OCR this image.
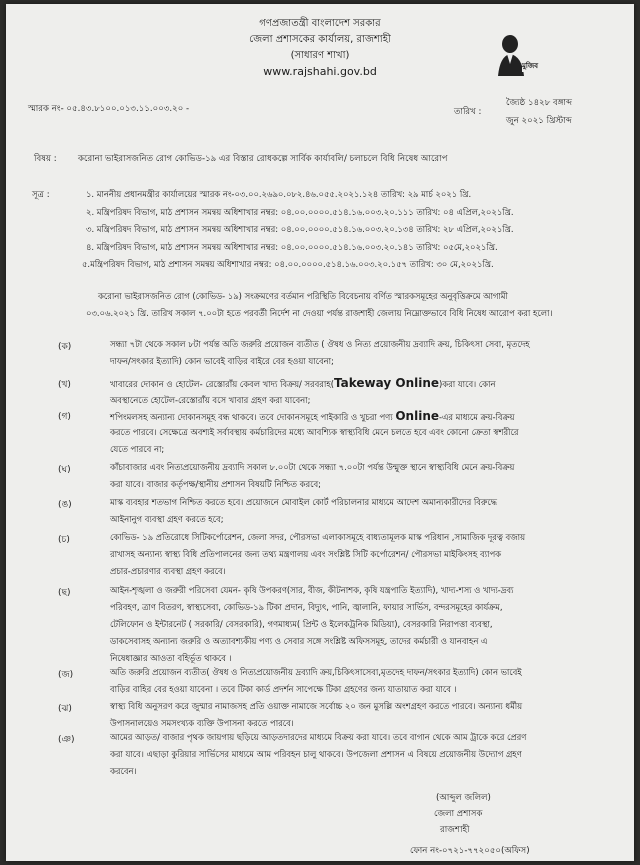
গণপ্রজাতন্ত্রী বাংলাদেশ সরকার
জেলা প্রশাসকের কার্যালয়, রাজশাহী
(সাধারণ শাখা)
www.rajshahi.gov.bd	মুজিব
স্মারক নং- ০৫.৪৩.৮১০০.০১৩.১১.০০৩.২০ -	তারিখ :
জ্যৈষ্ঠ ১৪২৮ বঙ্গাব্দ
জুন ২০২১ খ্রিস্টাব্দ
বিষয় : করোনা ভাইরাসজনিত রোগ কোভিড-১৯ এর বিস্তার রোধকল্পে সার্বিক কার্যাবলি/ চলাচলে বিধি নিষেধ আরোপ
সূত্র :	১. মাননীয় প্রধানমন্ত্রীর কার্যালয়ের স্মারক নং-০৩.০০.২৬৯০.০৮২.৪৬.০৫৫.২০২১.১২৪ তারিখ: ২৯ মার্চ ২০২১ খ্রি.
২. মন্ত্রিপরিষদ বিভাগ, মাঠ প্রশাসন সমন্বয় অধিশাখার নম্বর: ০৪.০০.০০০০.৫১৪.১৬.০০৩.২০.১১১ তারিখ: ০৪ এপ্রিল,২০২১খ্রি.
৩. মন্ত্রিপরিষদ বিভাগ, মাঠ প্রশাসন সমন্বয় অধিশাখার নম্বর: ০৪.০০.০০০০.৫১৪.১৬.০০৩.২০.১৩৪ তারিখ: ২৮ এপ্রিল,২০২১খ্রি.
৪. মন্ত্রিপরিষদ বিভাগ, মাঠ প্রশাসন সমন্বয় অধিশাখার নম্বর: ০৪.০০.০০০০.৫১৪.১৬.০০৩.২০.১৪১ তারিখ: ০৫মে,২০২১খ্রি.
৫.মন্ত্রিপরিষদ বিভাগ, মাঠ প্রশাসন সমন্বয় অধিশাখার নম্বর: ০৪.০০.০০০০.৫১৪.১৬.০০৩.২০.১৫৭ তারিখ: ৩০ মে,২০২১খ্রি.
করোনা ভাইরাসজনিত রোগ (কোভিড- ১৯) সংক্রমণের বর্তমান পরিস্থিতি বিবেচনায় বর্ণিত স্মারকসমূহের অনুবৃত্তিক্রমে আগামী
০৩.০৬.২০২১ খ্রি. তারিখ সকাল ৭.০০টা হতে পরবর্তী নির্দেশ না দেওয়া পর্যন্ত রাজশাহী জেলায় নিম্নোক্তভাবে বিধি নিষেধ আরোপ করা হলো।
(ক)	সন্ধ্যা ৭টা থেকে সকাল ৮টা পর্যন্ত অতি জরুরি প্রয়োজন ব্যতীত ( ঔষধ ও নিত্য প্রয়োজনীয় দ্রব্যাদি ক্রয়, চিকিৎসা সেবা, মৃতদেহ
দাফন/সৎকার ইত্যাদি) কোন ভাবেই বাড়ির বাইরে বের হওয়া যাবেনা;
(খ)	খাবারের দোকান ও হোটেল- রেস্তোরাঁয় কেবল খাদ্য বিক্রয়/ সরবরাহ(Takeway Online)করা যাবে। কোন
অবস্থানেতে হোটেল-রেস্তোরাঁয় বসে খাবার গ্রহণ করা যাবেনা;
(গ)	শপিংমলসহ অন্যান্য দোকানসমূহ বন্ধ থাকবে। তবে দোকানসমূহে পাইকারি ও খুচরা পণ্য Online-এর মাধ্যমে ক্রয়-বিক্রয়
করতে পারবে। সেক্ষেত্রে অবশ্যই সর্বাবস্থায় কর্মচারিদের মধ্যে আবশ্যিক স্বাস্থ্যবিধি মেনে চলতে হবে এবং কোনো ক্রেতা স্বশরীরে
যেতে পারবে না;
(ঘ)	কাঁচাবাজার এবং নিত্যপ্রয়োজনীয় দ্রব্যাদি সকাল ৮.০০টা থেকে সন্ধ্যা ৭.০০টা পর্যন্ত উন্মুক্ত স্থানে স্বাস্থ্যবিধি মেনে ক্রয়-বিক্রয়
করা যাবে। বাজার কর্তৃপক্ষ/স্থানীয় প্রশাসন বিষয়টি নিশ্চিত করবে;
(ঙ)	মাস্ক ব্যবহার শতভাগ নিশ্চিত করতে হবে। প্রয়োজনে মোবাইল কোর্ট পরিচালনার মাধ্যমে আদেশ অমান্যকারীদের বিরুদ্ধে
আইনানুগ ব্যবস্থা গ্রহণ করতে হবে;
(চ)	কোভিড- ১৯ প্রতিরোধে সিটিকর্পোরেশন, জেলা সদর, পৌরসভা এলাকাসমূহে বাধ্যতামূলক মাস্ক পরিধান ,সামাজিক দূরত্ব বজায়
রাখাসহ অন্যান্য স্বাস্থ্য বিধি প্রতিপালনের জন্য তথ্য মন্ত্রণালয় এবং সংশ্লিষ্ট সিটি কর্পোরেশন/ পৌরসভা মাইকিংসহ ব্যাপক
প্রচার-প্রচারণার ব্যবস্থা গ্রহণ করবে।
(ছ)	আইন-শৃঙ্খলা ও জরুরী পরিসেবা যেমন- কৃষি উপকরণ(সার, বীজ, কীটনাশক, কৃষি যন্ত্রপাতি ইত্যাদি), খাদ্য-শস্য ও খাদ্য-দ্রব্য
পরিবহণ, ত্রাণ বিতরণ, স্বাস্থ্যসেবা, কোভিড-১৯ টিকা প্রদান, বিদ্যুৎ, পানি, জ্বালানি, ফায়ার সার্ভিস, বন্দরসমূহের কার্যক্রম,
টেলিফোন ও ইন্টারনেট ( সরকারি/ বেসরকারি), গণমাধ্যম( প্রিন্ট ও ইলেকট্রনিক মিডিয়া), বেসরকারি নিরাপত্তা ব্যবস্থা,
ডাকসেবাসহ অন্যান্য জরুরি ও অত্যাবশ্যকীয় পণ্য ও সেবার সঙ্গে সংশ্লিষ্ট অফিসসমূহ, তাদের কর্মচারী ও যানবাহন এ
নিষেধাজ্ঞার আওতা বহির্ভূত থাকবে ।
(জ)	অতি জরুরি প্রয়োজন ব্যতীত( ঔষধ ও নিত্যপ্রয়োজনীয় দ্রব্যাদি ক্রয়,চিকিৎসাসেবা,মৃতদেহ দাফন/সৎকার ইত্যাদি) কোন ভাবেই
বাড়ির বাহির বের হওয়া যাবেনা । তবে টিকা কার্ড প্রদর্শন সাপেক্ষে টিকা গ্রহণের জন্য যাতায়াত করা যাবে ।
(ঝ)	স্বাস্থ্য বিধি অনুসরণ করে জুম্মার নামাজসহ প্রতি ওয়াক্ত নামাজে সর্বোচ্চ ২০ জন মুসল্লি অংশগ্রহণ করতে পারবে। অন্যান্য ধর্মীয়
উপাসনালয়েও সমসংখ্যক ব্যক্তি উপাসনা করতে পারবে।
(ঞ)	আমের আড়ত/ বাজার পৃথক জায়গায় ছড়িয়ে আড়তদারদের মাধ্যমে বিক্রয় করা যাবে। তবে বাগান থেকে আম ট্রাকে করে প্রেরণ
করা যাবে। এছাড়া কুরিয়ার সার্ভিসের মাধ্যমে আম পরিবহন চালু থাকবে। উপজেলা প্রশাসন এ বিষয়ে প্রয়োজনীয় উদ্যোগ গ্রহণ
করবেন।
(আব্দুল জলিল)
জেলা প্রশাসক
রাজশাহী
ফোন নং-০৭২১-৭৭২০৫০(অফিস)
